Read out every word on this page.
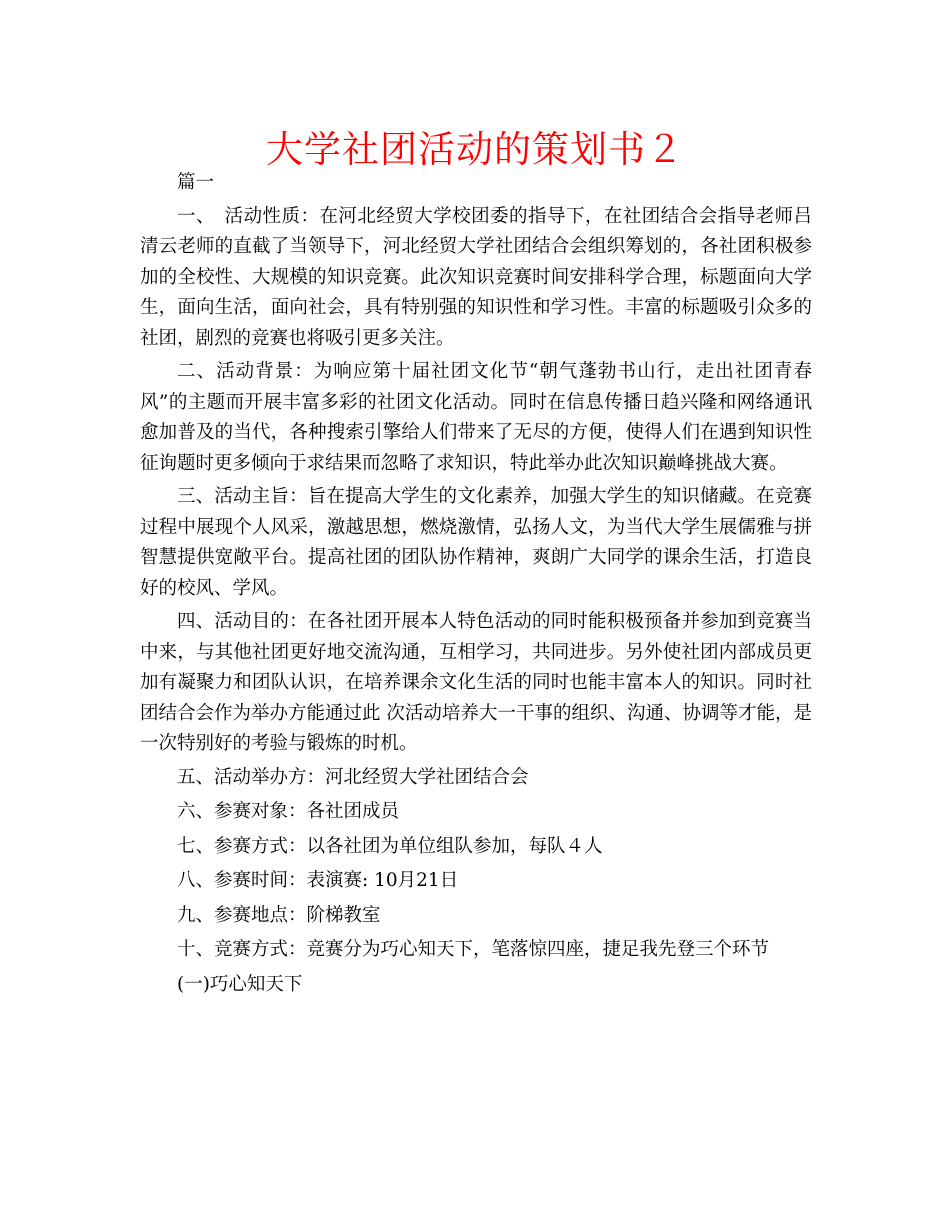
大学社团活动的策划书２

篇一

一、　活动性质：在河北经贸大学校团委的指导下，在社团结合会指导老师吕清云老师的直截了当领导下，河北经贸大学社团结合会组织筹划的，各社团积极参加的全校性、大规模的知识竞赛。此次知识竞赛时间安排科学合理，标题面向大学生，面向生活，面向社会，具有特别强的知识性和学习性。丰富的标题吸引众多的社团，剧烈的竞赛也将吸引更多关注。

二、活动背景：为响应第十届社团文化节“朝气蓬勃书山行，走出社团青春风”的主题而开展丰富多彩的社团文化活动。同时在信息传播日趋兴隆和网络通讯愈加普及的当代，各种搜索引擎给人们带来了无尽的方便，使得人们在遇到知识性征询题时更多倾向于求结果而忽略了求知识，特此举办此次知识巅峰挑战大赛。

三、活动主旨：旨在提高大学生的文化素养，加强大学生的知识储藏。在竞赛过程中展现个人风采，激越思想，燃烧激情，弘扬人文，为当代大学生展儒雅与拼智慧提供宽敞平台。提高社团的团队协作精神，爽朗广大同学的课余生活，打造良好的校风、学风。

四、活动目的：在各社团开展本人特色活动的同时能积极预备并参加到竞赛当中来，与其他社团更好地交流沟通，互相学习，共同进步。另外使社团内部成员更加有凝聚力和团队认识，在培养课余文化生活的同时也能丰富本人的知识。同时社团结合会作为举办方能通过此 次活动培养大一干事的组织、沟通、协调等才能，是一次特别好的考验与锻炼的时机。

五、活动举办方：河北经贸大学社团结合会

六、参赛对象：各社团成员

七、参赛方式：以各社团为单位组队参加，每队４人

八、参赛时间：表演赛: 10月21日

九、参赛地点：阶梯教室

十、竞赛方式：竞赛分为巧心知天下，笔落惊四座，捷足我先登三个环节

(一)巧心知天下
